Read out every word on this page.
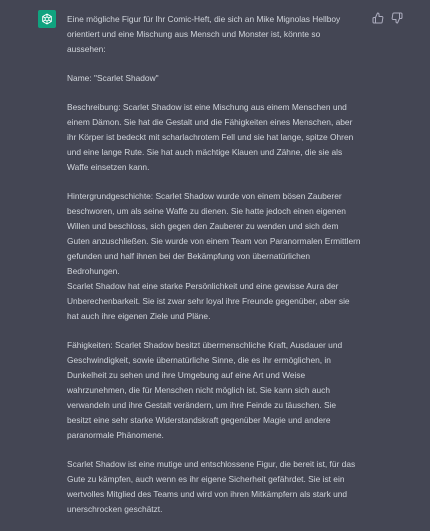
Eine mögliche Figur für Ihr Comic-Heft, die sich an Mike Mignolas Hellboy orientiert und eine Mischung aus Mensch und Monster ist, könnte so aussehen:

Name: "Scarlet Shadow"

Beschreibung: Scarlet Shadow ist eine Mischung aus einem Menschen und einem Dämon. Sie hat die Gestalt und die Fähigkeiten eines Menschen, aber ihr Körper ist bedeckt mit scharlachrotem Fell und sie hat lange, spitze Ohren und eine lange Rute. Sie hat auch mächtige Klauen und Zähne, die sie als Waffe einsetzen kann.

Hintergrundgeschichte: Scarlet Shadow wurde von einem bösen Zauberer beschworen, um als seine Waffe zu dienen. Sie hatte jedoch einen eigenen Willen und beschloss, sich gegen den Zauberer zu wenden und sich dem Guten anzuschließen. Sie wurde von einem Team von Paranormalen Ermittlern gefunden und half ihnen bei der Bekämpfung von übernatürlichen Bedrohungen.

Scarlet Shadow hat eine starke Persönlichkeit und eine gewisse Aura der Unberechenbarkeit. Sie ist zwar sehr loyal ihre Freunde gegenüber, aber sie hat auch ihre eigenen Ziele und Pläne.

Fähigkeiten: Scarlet Shadow besitzt übermenschliche Kraft, Ausdauer und Geschwindigkeit, sowie übernatürliche Sinne, die es ihr ermöglichen, in Dunkelheit zu sehen und ihre Umgebung auf eine Art und Weise wahrzunehmen, die für Menschen nicht möglich ist. Sie kann sich auch verwandeln und ihre Gestalt verändern, um ihre Feinde zu täuschen. Sie besitzt eine sehr starke Widerstandskraft gegenüber Magie und andere paranormale Phänomene.

Scarlet Shadow ist eine mutige und entschlossene Figur, die bereit ist, für das Gute zu kämpfen, auch wenn es ihr eigene Sicherheit gefährdet. Sie ist ein wertvolles Mitglied des Teams und wird von ihren Mitkämpfern als stark und unerschrocken geschätzt.
